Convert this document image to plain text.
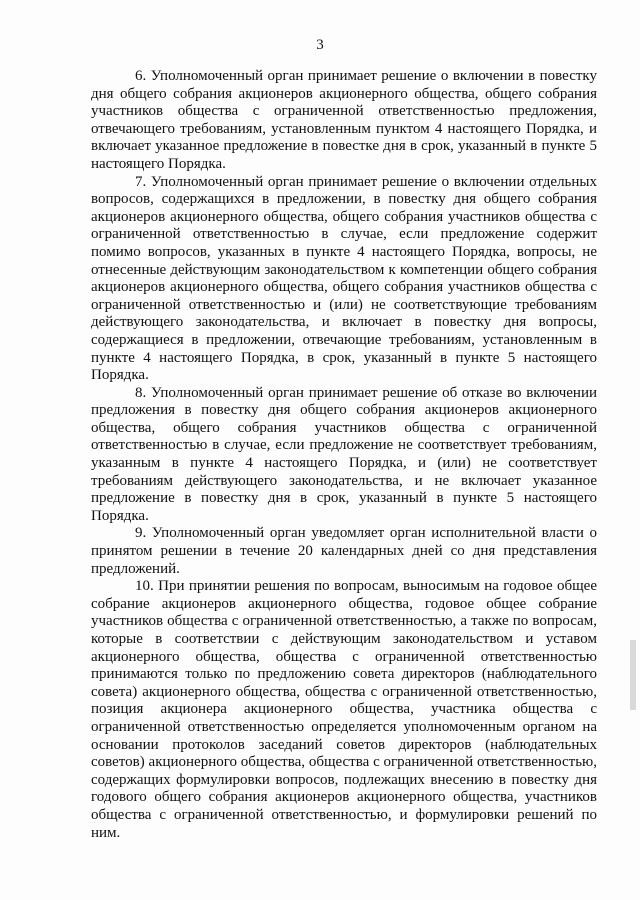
3

6. Уполномоченный орган принимает решение о включении в повестку дня общего собрания акционеров акционерного общества, общего собрания участников общества с ограниченной ответственностью предложения, отвечающего требованиям, установленным пунктом 4 настоящего Порядка, и включает указанное предложение в повестке дня в срок, указанный в пункте 5 настоящего Порядка.

7. Уполномоченный орган принимает решение о включении отдельных вопросов, содержащихся в предложении, в повестку дня общего собрания акционеров акционерного общества, общего собрания участников общества с ограниченной ответственностью в случае, если предложение содержит помимо вопросов, указанных в пункте 4 настоящего Порядка, вопросы, не отнесенные действующим законодательством к компетенции общего собрания акционеров акционерного общества, общего собрания участников общества с ограниченной ответственностью и (или) не соответствующие требованиям действующего законодательства, и включает в повестку дня вопросы, содержащиеся в предложении, отвечающие требованиям, установленным в пункте 4 настоящего Порядка, в срок, указанный в пункте 5 настоящего Порядка.

8. Уполномоченный орган принимает решение об отказе во включении предложения в повестку дня общего собрания акционеров акционерного общества, общего собрания участников общества с ограниченной ответственностью в случае, если предложение не соответствует требованиям, указанным в пункте 4 настоящего Порядка, и (или) не соответствует требованиям действующего законодательства, и не включает указанное предложение в повестку дня в срок, указанный в пункте 5 настоящего Порядка.

9. Уполномоченный орган уведомляет орган исполнительной власти о принятом решении в течение 20 календарных дней со дня представления предложений.

10. При принятии решения по вопросам, выносимым на годовое общее собрание акционеров акционерного общества, годовое общее собрание участников общества с ограниченной ответственностью, а также по вопросам, которые в соответствии с действующим законодательством и уставом акционерного общества, общества с ограниченной ответственностью принимаются только по предложению совета директоров (наблюдательного совета) акционерного общества, общества с ограниченной ответственностью, позиция акционера акционерного общества, участника общества с ограниченной ответственностью определяется уполномоченным органом на основании протоколов заседаний советов директоров (наблюдательных советов) акционерного общества, общества с ограниченной ответственностью, содержащих формулировки вопросов, подлежащих внесению в повестку дня годового общего собрания акционеров акционерного общества, участников общества с ограниченной ответственностью, и формулировки решений по ним.
